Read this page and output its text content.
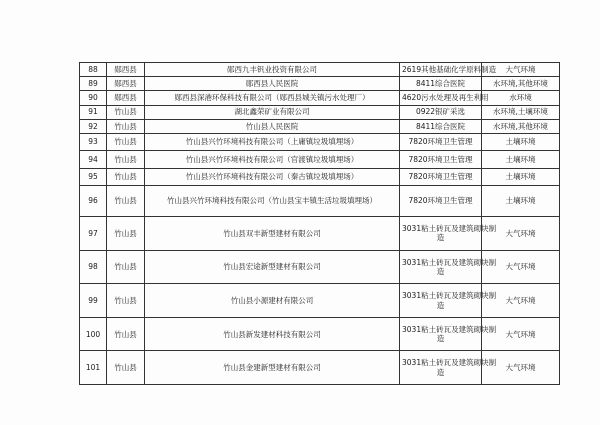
88	郧西县	郧西九丰钒业投资有限公司	2619其他基础化学原料制造	大气环境
89	郧西县	郧西县人民医院	8411综合医院	水环境,其他环境
90	郧西县	郧西县深港环保科技有限公司（郧西县城关镇污水处理厂）	4620污水处理及再生利用	水环境
91	竹山县	湖北鑫荣矿业有限公司	0922银矿采选	水环境,土壤环境
92	竹山县	竹山县人民医院	8411综合医院	水环境,其他环境
93	竹山县	竹山县兴竹环境科技有限公司（上庸镇垃圾填埋场）	7820环境卫生管理	土壤环境
94	竹山县	竹山县兴竹环境科技有限公司（官渡镇垃圾填埋场）	7820环境卫生管理	土壤环境
95	竹山县	竹山县兴竹环境科技有限公司（秦古镇垃圾填埋场）	7820环境卫生管理	土壤环境
96	竹山县	竹山县兴竹环境科技有限公司（竹山县宝丰镇生活垃圾填埋场）	7820环境卫生管理	土壤环境
97	竹山县	竹山县双丰新型建材有限公司	3031粘土砖瓦及建筑砌块制
造	大气环境
98	竹山县	竹山县宏途新型建材有限公司	3031粘土砖瓦及建筑砌块制
造	大气环境
99	竹山县	竹山县小源建材有限公司	3031粘土砖瓦及建筑砌块制
造	大气环境
100	竹山县	竹山县新发建材科技有限公司	3031粘土砖瓦及建筑砌块制
造	大气环境
101	竹山县	竹山县金建新型建材有限公司	3031粘土砖瓦及建筑砌块制
造	大气环境
